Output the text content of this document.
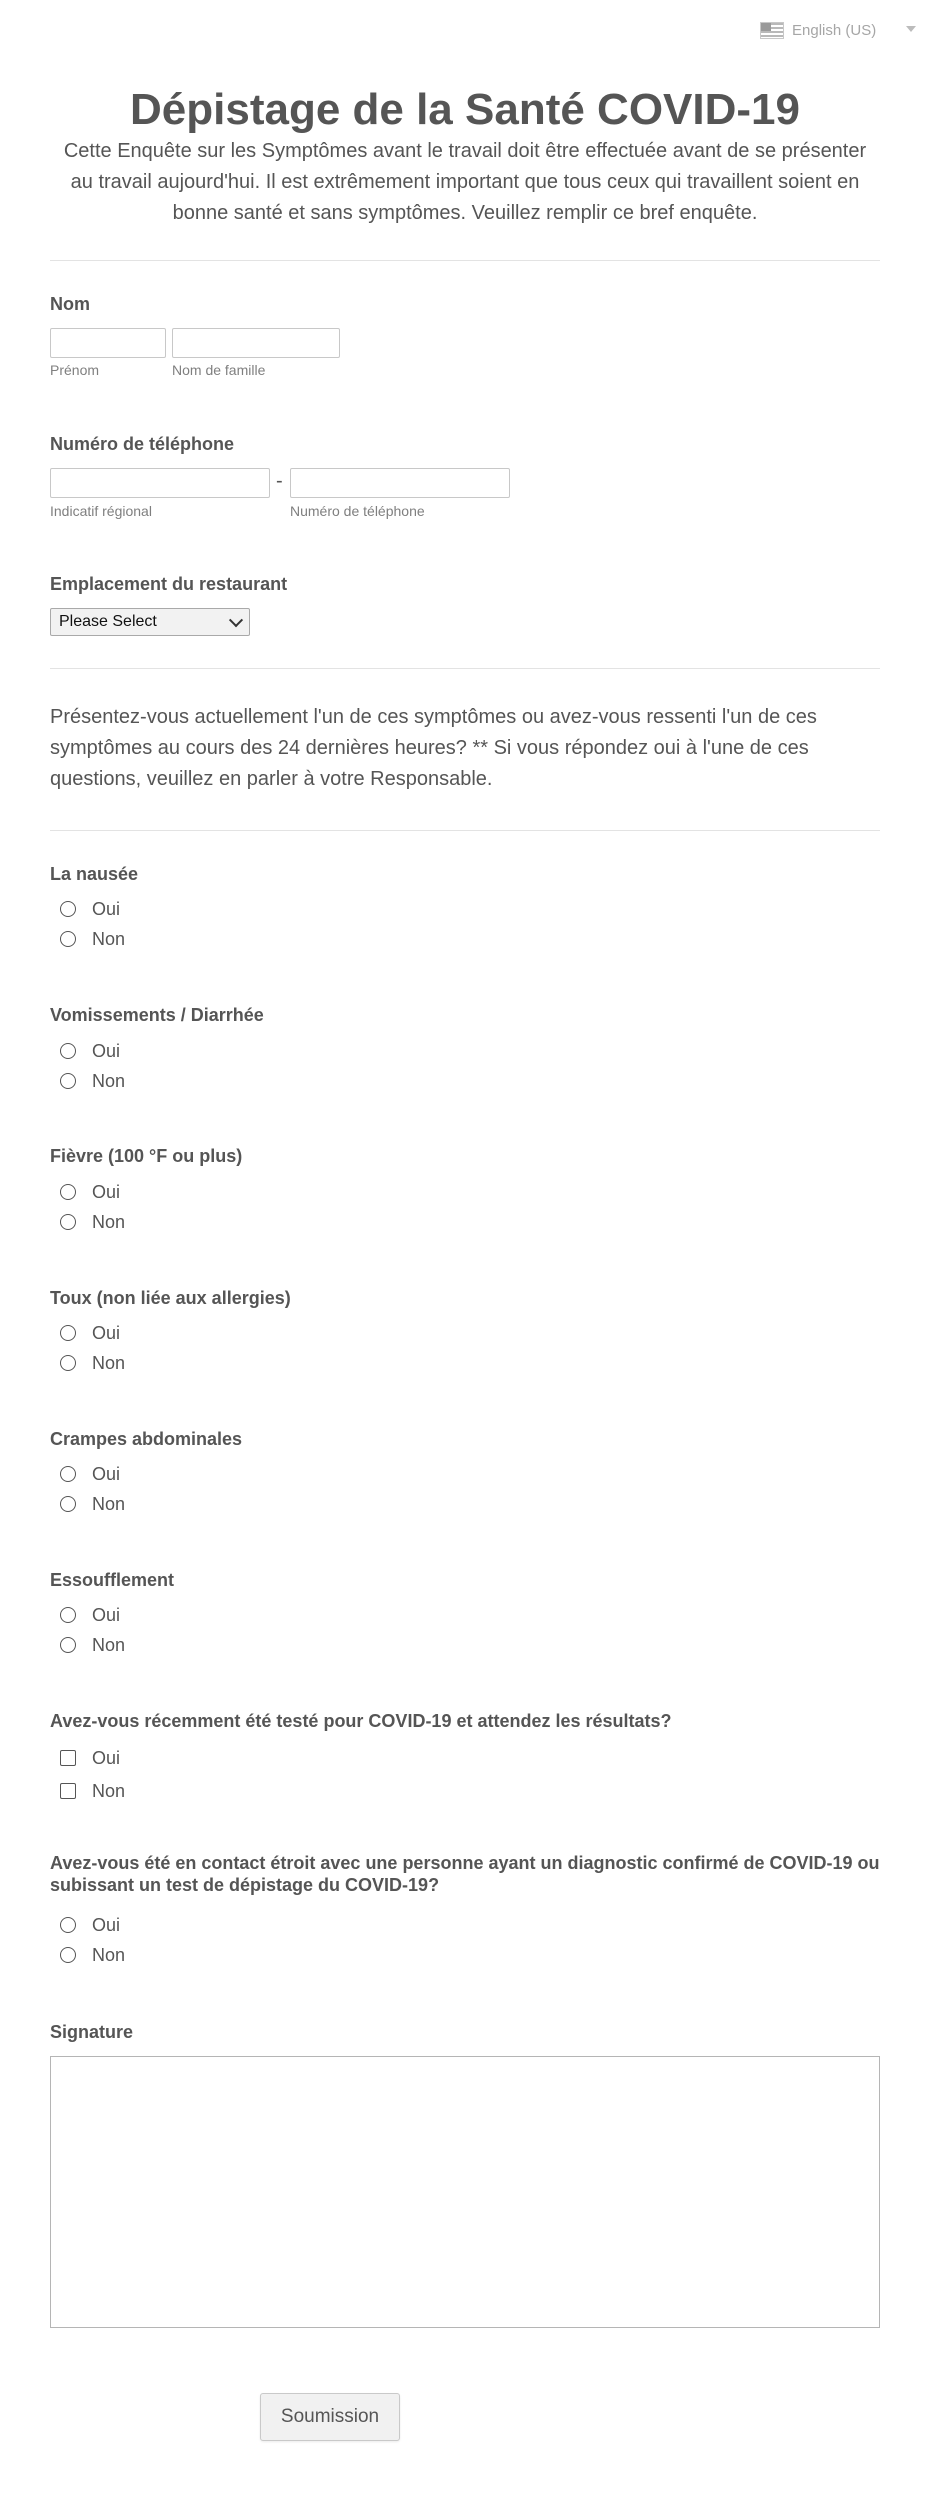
English (US)
Dépistage de la Santé COVID-19
Cette Enquête sur les Symptômes avant le travail doit être effectuée avant de se présenter au travail aujourd'hui. Il est extrêmement important que tous ceux qui travaillent soient en bonne santé et sans symptômes. Veuillez remplir ce bref enquête.
Nom
Prénom	Nom de famille
Numéro de téléphone
-
Indicatif régional	Numéro de téléphone
Emplacement du restaurant
Please Select
Présentez-vous actuellement l'un de ces symptômes ou avez-vous ressenti l'un de ces symptômes au cours des 24 dernières heures? ** Si vous répondez oui à l'une de ces questions, veuillez en parler à votre Responsable.
La nausée
Oui
Non
Vomissements / Diarrhée
Oui
Non
Fièvre (100 °F ou plus)
Oui
Non
Toux (non liée aux allergies)
Oui
Non
Crampes abdominales
Oui
Non
Essoufflement
Oui
Non
Avez-vous récemment été testé pour COVID-19 et attendez les résultats?
Oui
Non
Avez-vous été en contact étroit avec une personne ayant un diagnostic confirmé de COVID-19 ou subissant un test de dépistage du COVID-19?
Oui
Non
Signature
Soumission
